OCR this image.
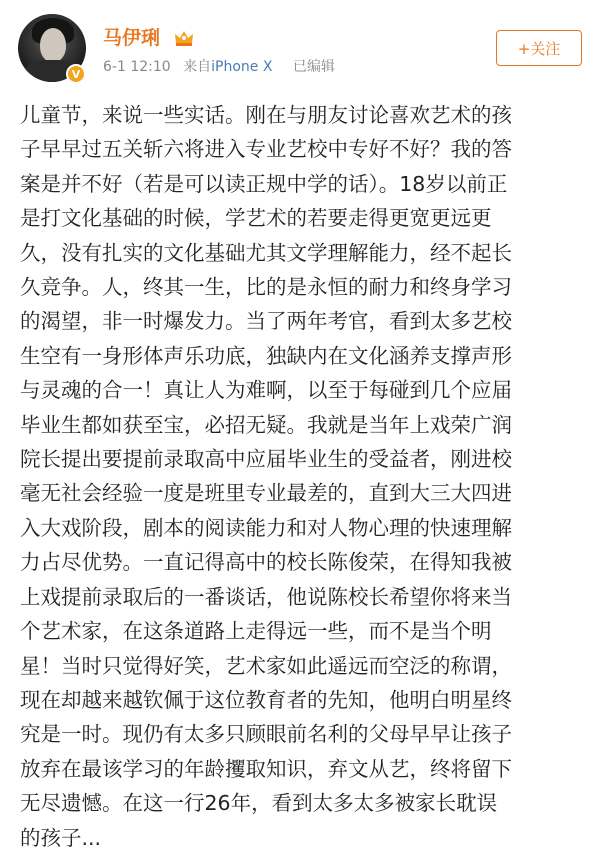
V
马伊琍
6-1 12:10 来自iPhone X 已编辑
+关注
儿童节，来说一些实话。刚在与朋友讨论喜欢艺术的孩
子早早过五关斩六将进入专业艺校中专好不好？我的答
案是并不好（若是可以读正规中学的话）。18岁以前正
是打文化基础的时候，学艺术的若要走得更宽更远更
久，没有扎实的文化基础尤其文学理解能力，经不起长
久竞争。人，终其一生，比的是永恒的耐力和终身学习
的渴望，非一时爆发力。当了两年考官，看到太多艺校
生空有一身形体声乐功底，独缺内在文化涵养支撑声形
与灵魂的合一！真让人为难啊，以至于每碰到几个应届
毕业生都如获至宝，必招无疑。我就是当年上戏荣广润
院长提出要提前录取高中应届毕业生的受益者，刚进校
毫无社会经验一度是班里专业最差的，直到大三大四进
入大戏阶段，剧本的阅读能力和对人物心理的快速理解
力占尽优势。一直记得高中的校长陈俊荣，在得知我被
上戏提前录取后的一番谈话，他说陈校长希望你将来当
个艺术家，在这条道路上走得远一些，而不是当个明
星！当时只觉得好笑，艺术家如此遥远而空泛的称谓，
现在却越来越钦佩于这位教育者的先知，他明白明星终
究是一时。现仍有太多只顾眼前名利的父母早早让孩子
放弃在最该学习的年龄攫取知识，弃文从艺，终将留下
无尽遗憾。在这一行26年，看到太多太多被家长耽误
的孩子...
